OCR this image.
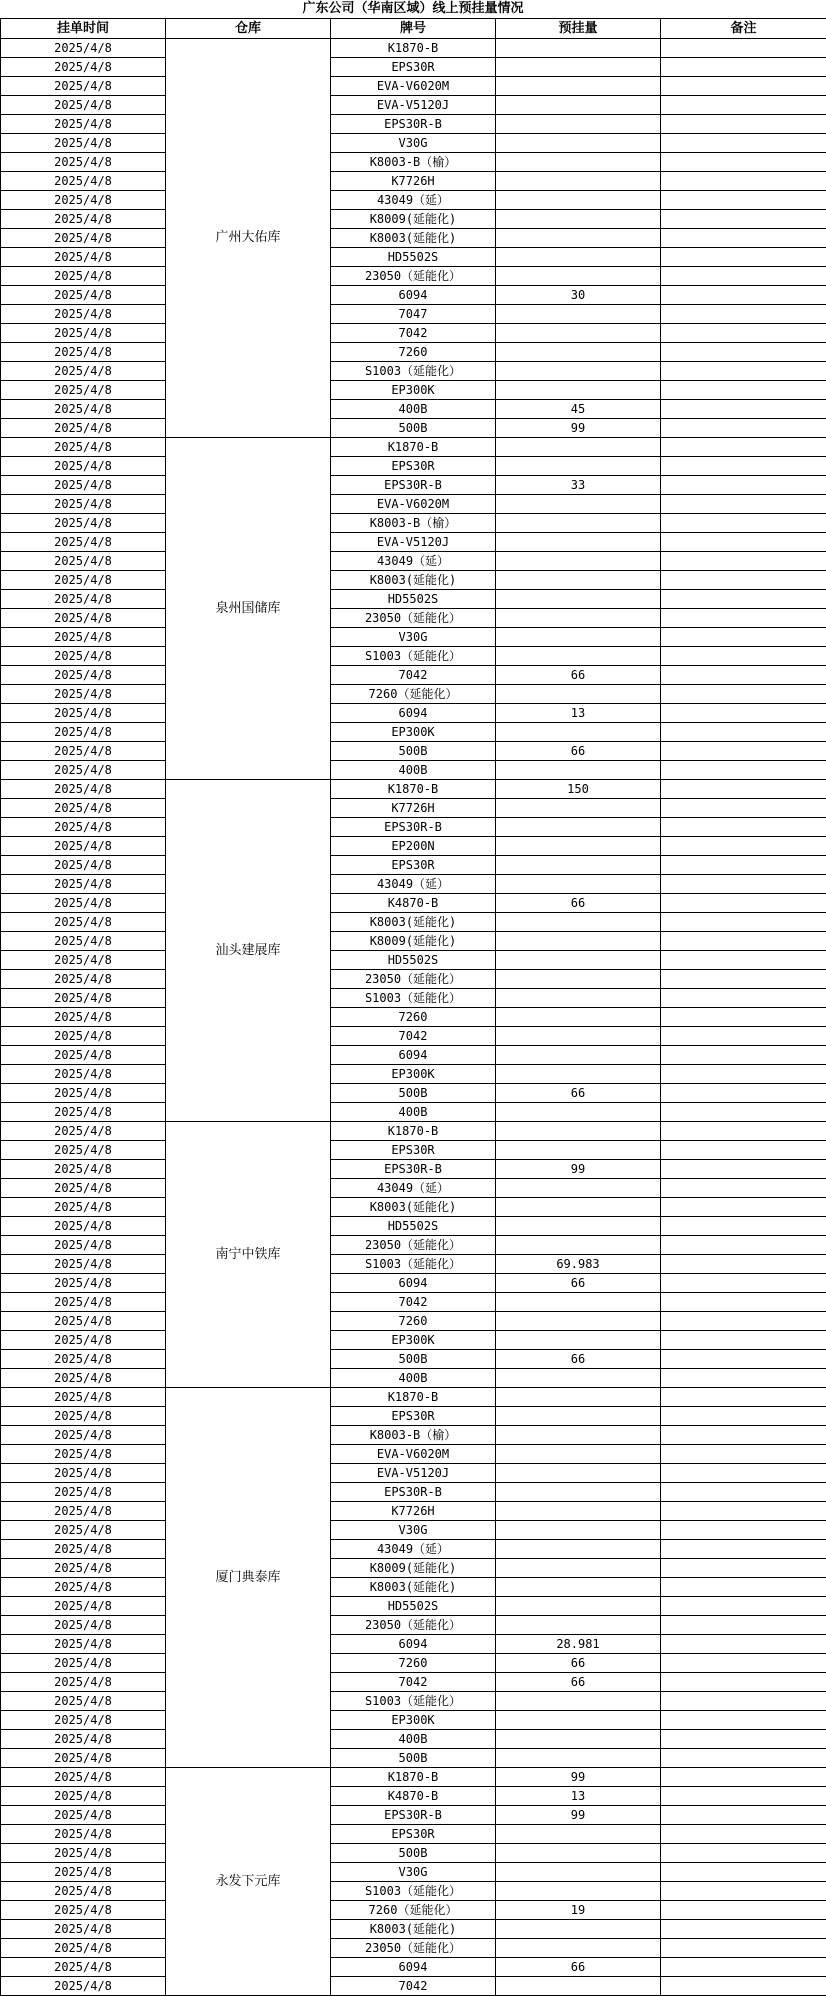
广东公司（华南区域）线上预挂量情况
挂单时间	仓库	牌号	预挂量	备注
2025/4/8	广州大佑库	K1870-B		
2025/4/8		EPS30R		
2025/4/8		EVA-V6020M		
2025/4/8		EVA-V5120J		
2025/4/8		EPS30R-B		
2025/4/8		V30G		
2025/4/8		K8003-B（榆）		
2025/4/8		K7726H		
2025/4/8		43049（延）		
2025/4/8		K8009(延能化)		
2025/4/8		K8003(延能化)		
2025/4/8		HD5502S		
2025/4/8		23050（延能化）		
2025/4/8		6094	30	
2025/4/8		7047		
2025/4/8		7042		
2025/4/8		7260		
2025/4/8		S1003（延能化）		
2025/4/8		EP300K		
2025/4/8		400B	45	
2025/4/8		500B	99	
2025/4/8	泉州国储库	K1870-B		
2025/4/8		EPS30R		
2025/4/8		EPS30R-B	33	
2025/4/8		EVA-V6020M		
2025/4/8		K8003-B（榆）		
2025/4/8		EVA-V5120J		
2025/4/8		43049（延）		
2025/4/8		K8003(延能化)		
2025/4/8		HD5502S		
2025/4/8		23050（延能化）		
2025/4/8		V30G		
2025/4/8		S1003（延能化）		
2025/4/8		7042	66	
2025/4/8		7260（延能化）		
2025/4/8		6094	13	
2025/4/8		EP300K		
2025/4/8		500B	66	
2025/4/8		400B		
2025/4/8	汕头建展库	K1870-B	150	
2025/4/8		K7726H		
2025/4/8		EPS30R-B		
2025/4/8		EP200N		
2025/4/8		EPS30R		
2025/4/8		43049（延）		
2025/4/8		K4870-B	66	
2025/4/8		K8003(延能化)		
2025/4/8		K8009(延能化)		
2025/4/8		HD5502S		
2025/4/8		23050（延能化）		
2025/4/8		S1003（延能化）		
2025/4/8		7260		
2025/4/8		7042		
2025/4/8		6094		
2025/4/8		EP300K		
2025/4/8		500B	66	
2025/4/8		400B		
2025/4/8	南宁中铁库	K1870-B		
2025/4/8		EPS30R		
2025/4/8		EPS30R-B	99	
2025/4/8		43049（延）		
2025/4/8		K8003(延能化)		
2025/4/8		HD5502S		
2025/4/8		23050（延能化）		
2025/4/8		S1003（延能化）	69.983	
2025/4/8		6094	66	
2025/4/8		7042		
2025/4/8		7260		
2025/4/8		EP300K		
2025/4/8		500B	66	
2025/4/8		400B		
2025/4/8	厦门典泰库	K1870-B		
2025/4/8		EPS30R		
2025/4/8		K8003-B（榆）		
2025/4/8		EVA-V6020M		
2025/4/8		EVA-V5120J		
2025/4/8		EPS30R-B		
2025/4/8		K7726H		
2025/4/8		V30G		
2025/4/8		43049（延）		
2025/4/8		K8009(延能化)		
2025/4/8		K8003(延能化)		
2025/4/8		HD5502S		
2025/4/8		23050（延能化）		
2025/4/8		6094	28.981	
2025/4/8		7260	66	
2025/4/8		7042	66	
2025/4/8		S1003（延能化）		
2025/4/8		EP300K		
2025/4/8		400B		
2025/4/8		500B		
2025/4/8	永发下元库	K1870-B	99	
2025/4/8		K4870-B	13	
2025/4/8		EPS30R-B	99	
2025/4/8		EPS30R		
2025/4/8		500B		
2025/4/8		V30G		
2025/4/8		S1003（延能化）		
2025/4/8		7260（延能化）	19	
2025/4/8		K8003(延能化)		
2025/4/8		23050（延能化）		
2025/4/8		6094	66	
2025/4/8		7042		
